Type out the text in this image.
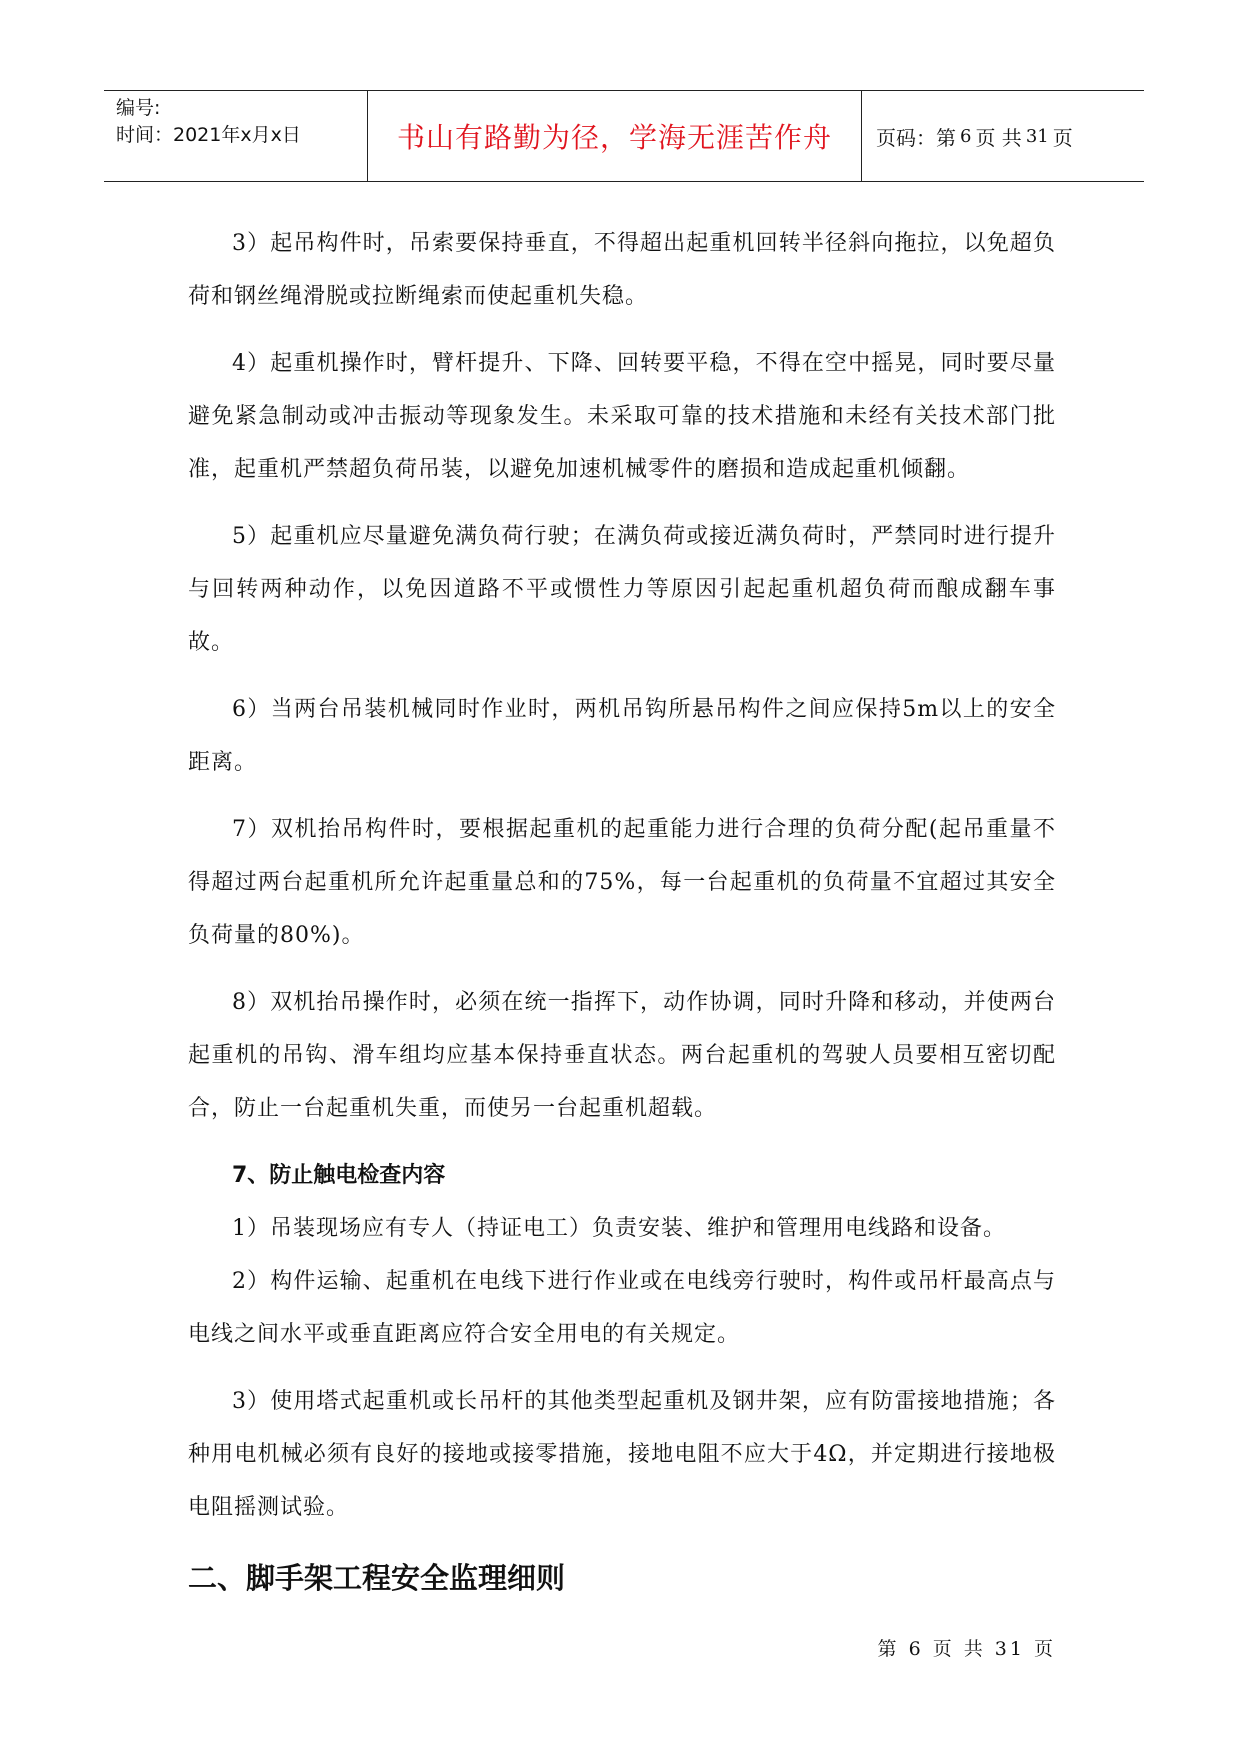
编号:
时间：2021年x月x日	书山有路勤为径，学海无涯苦作舟	页码：第 6 页 共 31 页

3）起吊构件时，吊索要保持垂直，不得超出起重机回转半径斜向拖拉，以免超负荷和钢丝绳滑脱或拉断绳索而使起重机失稳。

4）起重机操作时，臂杆提升、下降、回转要平稳，不得在空中摇晃，同时要尽量避免紧急制动或冲击振动等现象发生。未采取可靠的技术措施和未经有关技术部门批准，起重机严禁超负荷吊装，以避免加速机械零件的磨损和造成起重机倾翻。

5）起重机应尽量避免满负荷行驶；在满负荷或接近满负荷时，严禁同时进行提升与回转两种动作，以免因道路不平或惯性力等原因引起起重机超负荷而酿成翻车事故。

6）当两台吊装机械同时作业时，两机吊钩所悬吊构件之间应保持5m以上的安全距离。

7）双机抬吊构件时，要根据起重机的起重能力进行合理的负荷分配(起吊重量不得超过两台起重机所允许起重量总和的75%，每一台起重机的负荷量不宜超过其安全负荷量的80%)。

8）双机抬吊操作时，必须在统一指挥下，动作协调，同时升降和移动，并使两台起重机的吊钩、滑车组均应基本保持垂直状态。两台起重机的驾驶人员要相互密切配合，防止一台起重机失重，而使另一台起重机超载。

7、防止触电检查内容

1）吊装现场应有专人（持证电工）负责安装、维护和管理用电线路和设备。

2）构件运输、起重机在电线下进行作业或在电线旁行驶时，构件或吊杆最高点与电线之间水平或垂直距离应符合安全用电的有关规定。

3）使用塔式起重机或长吊杆的其他类型起重机及钢井架，应有防雷接地措施；各种用电机械必须有良好的接地或接零措施，接地电阻不应大于4Ω，并定期进行接地极电阻摇测试验。

二、脚手架工程安全监理细则
第 6 页 共 31 页
